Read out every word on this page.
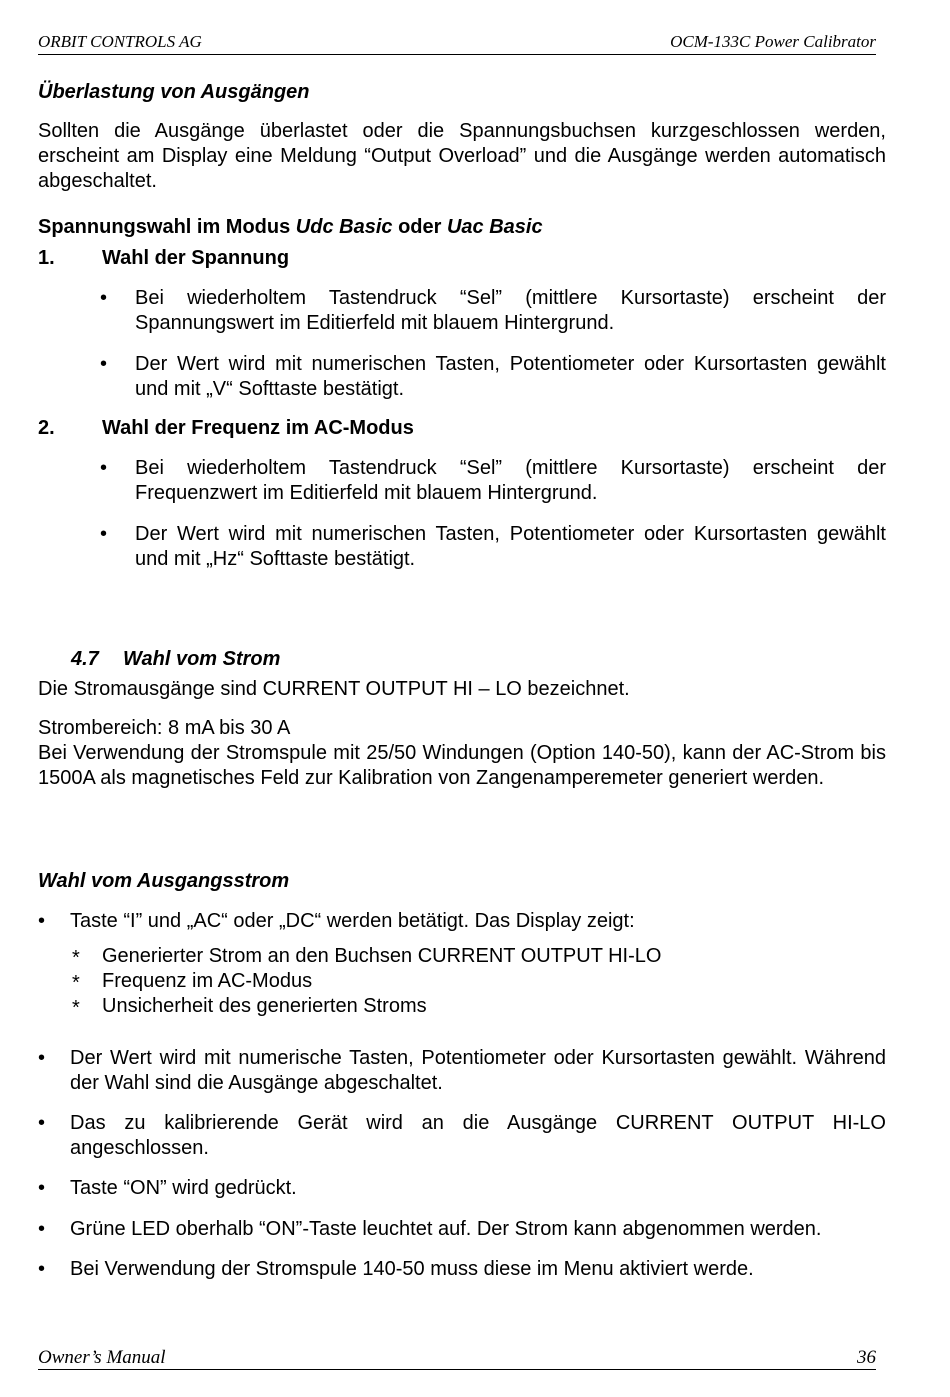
ORBIT CONTROLS AG	OCM-133C Power Calibrator

Überlastung von Ausgängen

Sollten die Ausgänge überlastet oder die Spannungsbuchsen kurzgeschlossen werden, erscheint am Display eine Meldung “Output Overload” und die Ausgänge werden automatisch abgeschaltet.

Spannungswahl im Modus Udc Basic oder Uac Basic

1. Wahl der Spannung
• Bei wiederholtem Tastendruck “Sel” (mittlere Kursortaste) erscheint der Spannungswert im Editierfeld mit blauem Hintergrund.

• Der Wert wird mit numerischen Tasten, Potentiometer oder Kursortasten gewählt und mit „V“ Softtaste bestätigt.

2. Wahl der Frequenz im AC-Modus
• Bei wiederholtem Tastendruck “Sel” (mittlere Kursortaste) erscheint der Frequenzwert im Editierfeld mit blauem Hintergrund.

• Der Wert wird mit numerischen Tasten, Potentiometer oder Kursortasten gewählt und mit „Hz“ Softtaste bestätigt.

4.7 Wahl vom Strom

Die Stromausgänge sind CURRENT OUTPUT HI – LO bezeichnet.

Strombereich: 8 mA bis 30 A

Bei Verwendung der Stromspule mit 25/50 Windungen (Option 140-50), kann der AC-Strom bis 1500A als magnetisches Feld zur Kalibration von Zangenamperemeter generiert werden.

Wahl vom Ausgangsstrom

• Taste “I” und „AC“ oder „DC“ werden betätigt. Das Display zeigt:

* Generierter Strom an den Buchsen CURRENT OUTPUT HI-LO

* Frequenz im AC-Modus

* Unsicherheit des generierten Stroms

• Der Wert wird mit numerische Tasten, Potentiometer oder Kursortasten gewählt. Während der Wahl sind die Ausgänge abgeschaltet.

• Das zu kalibrierende Gerät wird an die Ausgänge CURRENT OUTPUT HI-LO angeschlossen.

• Taste “ON” wird gedrückt.

• Grüne LED oberhalb “ON”-Taste leuchtet auf. Der Strom kann abgenommen werden.

• Bei Verwendung der Stromspule 140-50 muss diese im Menu aktiviert werde.

Owner’s Manual	36
